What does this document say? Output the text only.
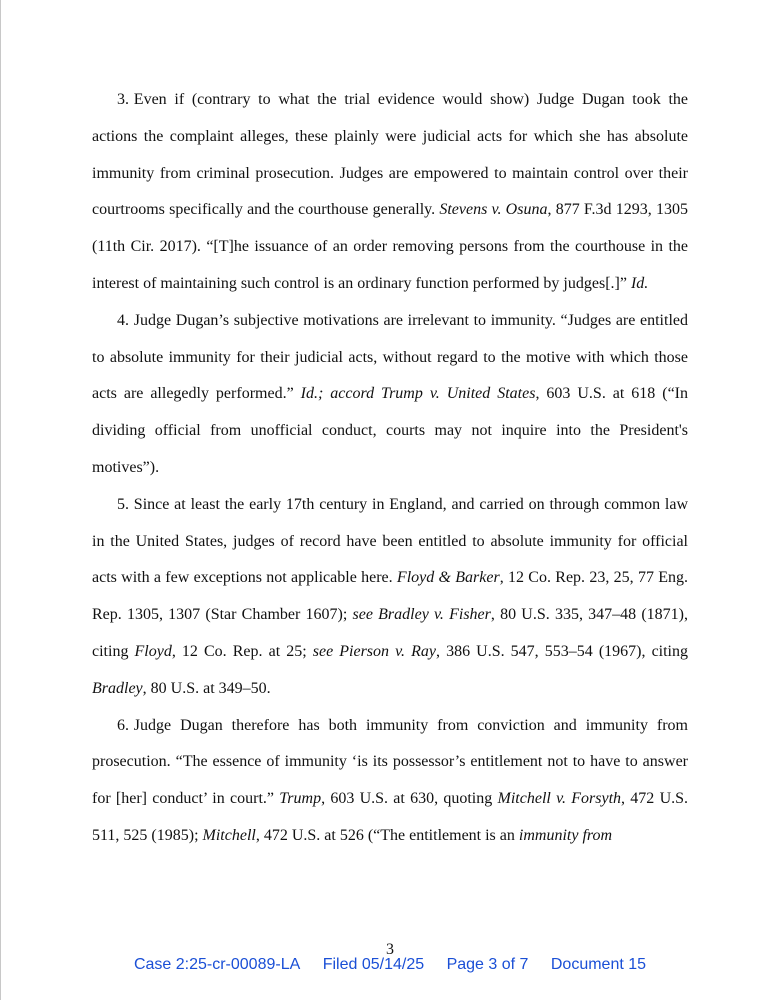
3. Even if (contrary to what the trial evidence would show) Judge Dugan took the actions the complaint alleges, these plainly were judicial acts for which she has absolute immunity from criminal prosecution. Judges are empowered to maintain control over their courtrooms specifically and the courthouse generally. Stevens v. Osuna, 877 F.3d 1293, 1305 (11th Cir. 2017). “[T]he issuance of an order removing persons from the courthouse in the interest of maintaining such control is an ordinary function performed by judges[.]” Id.

4. Judge Dugan’s subjective motivations are irrelevant to immunity. “Judges are entitled to absolute immunity for their judicial acts, without regard to the motive with which those acts are allegedly performed.” Id.; accord Trump v. United States, 603 U.S. at 618 (“In dividing official from unofficial conduct, courts may not inquire into the President's motives”).

5. Since at least the early 17th century in England, and carried on through common law in the United States, judges of record have been entitled to absolute immunity for official acts with a few exceptions not applicable here. Floyd & Barker, 12 Co. Rep. 23, 25, 77 Eng. Rep. 1305, 1307 (Star Chamber 1607); see Bradley v. Fisher, 80 U.S. 335, 347–48 (1871), citing Floyd, 12 Co. Rep. at 25; see Pierson v. Ray, 386 U.S. 547, 553–54 (1967), citing Bradley, 80 U.S. at 349–50.

6. Judge Dugan therefore has both immunity from conviction and immunity from prosecution. “The essence of immunity ‘is its possessor’s entitlement not to have to answer for [her] conduct’ in court.” Trump, 603 U.S. at 630, quoting Mitchell v. Forsyth, 472 U.S. 511, 525 (1985); Mitchell, 472 U.S. at 526 (“The entitlement is an immunity from

3
Case 2:25-cr-00089-LA Filed 05/14/25 Page 3 of 7 Document 15
